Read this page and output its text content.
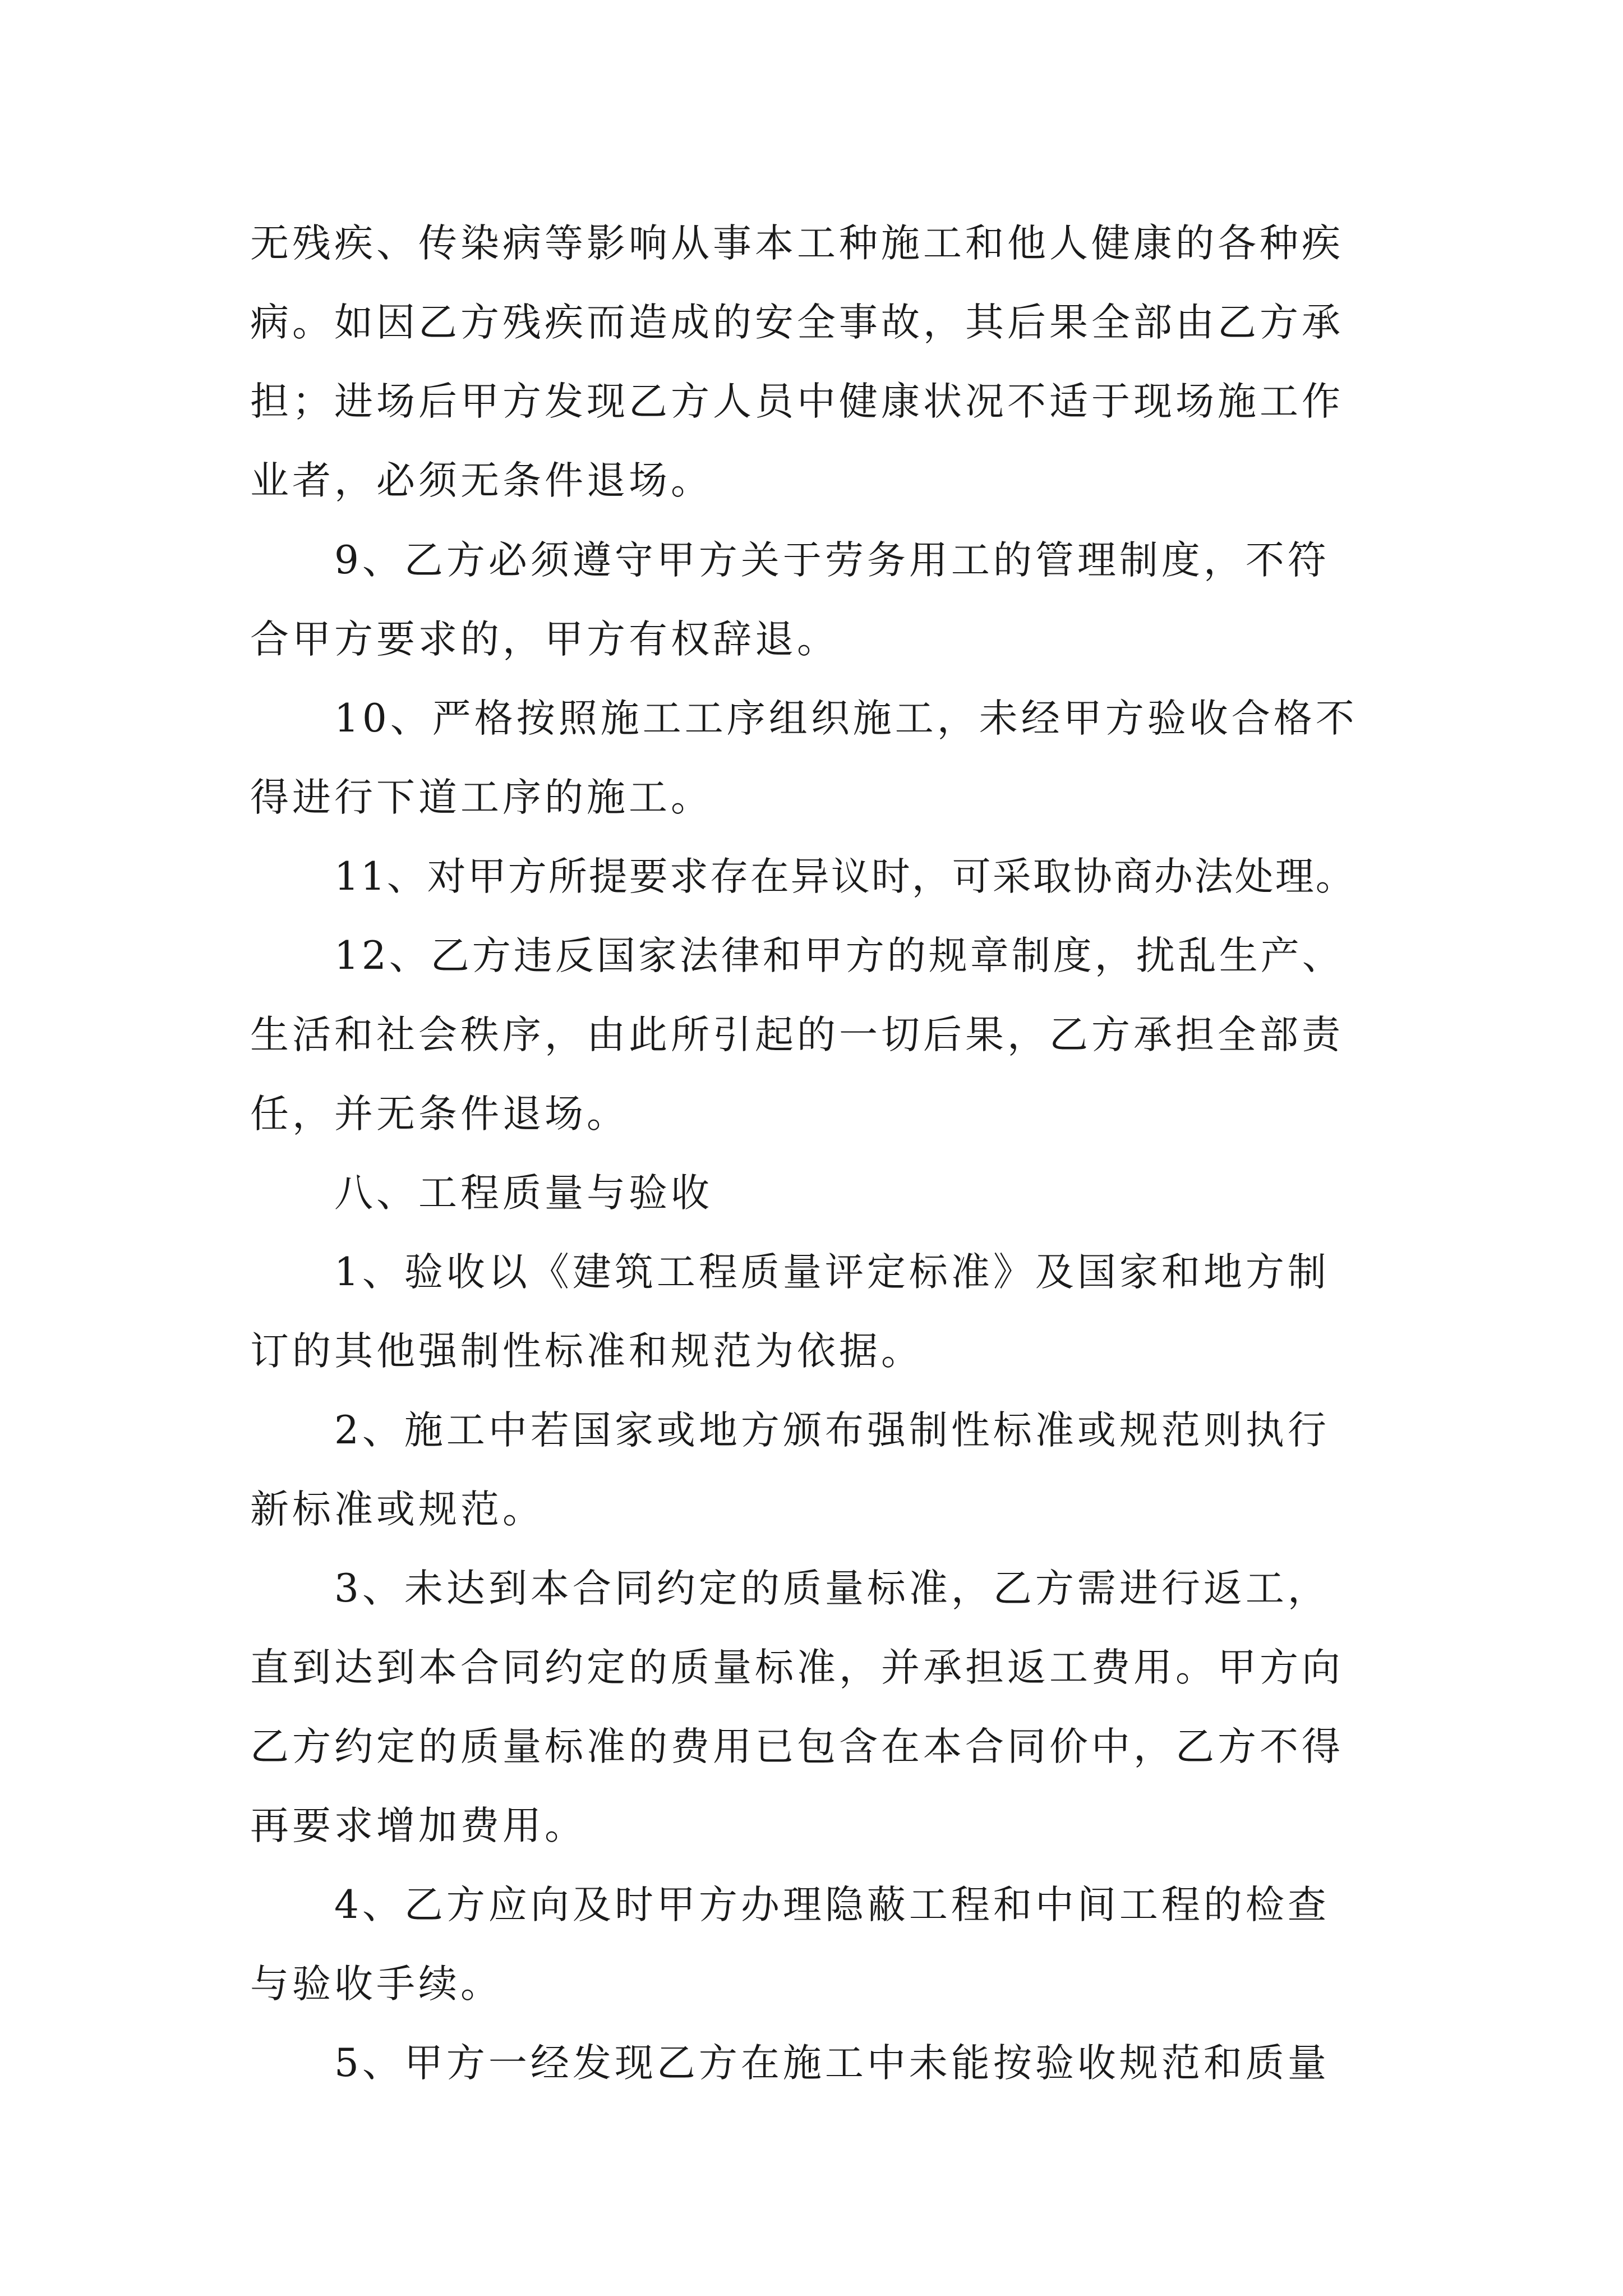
无残疾、传染病等影响从事本工种施工和他人健康的各种疾
病。如因乙方残疾而造成的安全事故，其后果全部由乙方承
担；进场后甲方发现乙方人员中健康状况不适于现场施工作
业者，必须无条件退场。
9、乙方必须遵守甲方关于劳务用工的管理制度，不符
合甲方要求的，甲方有权辞退。
10、严格按照施工工序组织施工，未经甲方验收合格不
得进行下道工序的施工。
11、对甲方所提要求存在异议时，可采取协商办法处理。
12、乙方违反国家法律和甲方的规章制度，扰乱生产、
生活和社会秩序，由此所引起的一切后果，乙方承担全部责
任，并无条件退场。
八、工程质量与验收
1、验收以《建筑工程质量评定标准》及国家和地方制
订的其他强制性标准和规范为依据。
2、施工中若国家或地方颁布强制性标准或规范则执行
新标准或规范。
3、未达到本合同约定的质量标准，乙方需进行返工，
直到达到本合同约定的质量标准，并承担返工费用。甲方向
乙方约定的质量标准的费用已包含在本合同价中，乙方不得
再要求增加费用。
4、乙方应向及时甲方办理隐蔽工程和中间工程的检查
与验收手续。
5、甲方一经发现乙方在施工中未能按验收规范和质量
